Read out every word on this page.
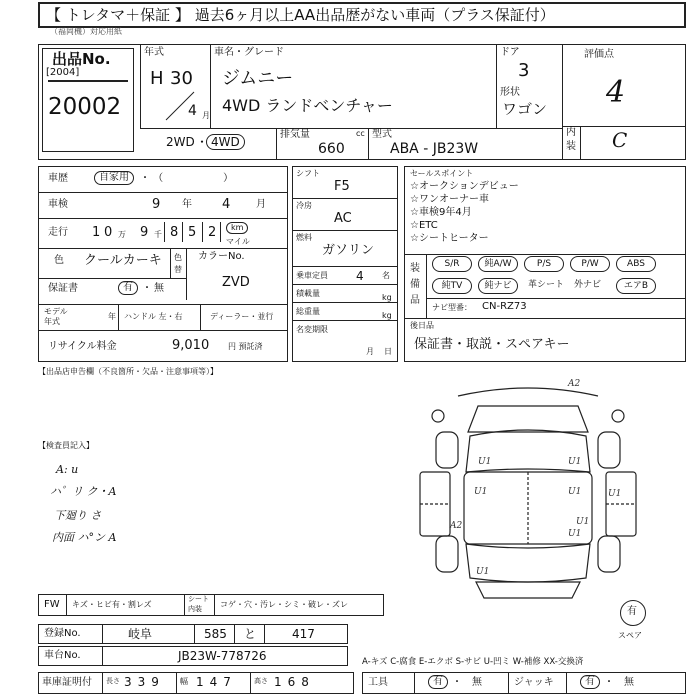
【 トレタマ＋保証 】 過去6ヶ月以上AA出品歴がない車両（プラス保証付）
（福岡機）対応用紙
出品No.
[2004]
20002
年式
H 30
4 月
車名・グレード
ジムニー
4WD ランドベンチャー
ドア
3
形状
ワゴン
評価点
4
内
装 C
2WD ・ 4WD
排気量	cc
660
型式
ABA - JB23W
車歴	自家用	・ （　　　　　　）
車検	9 年 4	月
走行 1 0 万 9 千 8 5 2	km
マイル
色 クールカーキ 色
替
カラーNo.
ZVD
保証書	有 ・ 無
モデル
年式
年 ハンドル 左・右	ディーラー・並行
リサイクル料金	9,010 円 預託済
シフト
F5
冷房
AC
燃料
ガソリン
乗車定員 4 名
積載量	kg
総重量	kg
名変期限
月 日
セールスポイント
☆オークションデビュー
☆ワンオーナー車
☆車検9年4月
☆ETC
☆シートヒーター
装
備
品
S/R	純A/W	P/S	P/W	ABS
純TV	純ナビ	革シート 外ナビ	エアB
ナビ型番： CN-RZ73
後日品
保証書・取説・スペアキー
【出品店申告欄（不良箇所・欠品・注意事項等）】
【検査員記入】
A: u
ハ゜リ ク・A
下廻り さ
内面 ハ°ン A
A2
U1	U1
A2
U1	U1
U1
U1
U1
U1
FW キズ・ヒビ有・割レズ
シート
内装 コゲ・穴・汚レ・シミ・破レ・ズレ
有
スペア
登録No.	岐阜	585 と	417
車台No.	JB23W-778726	A-キズ C-腐食 E-エクボ S-サビ U-凹ミ W-補修 XX-交換済
車庫証明付 長さ 339 幅 147 高さ 168	工具	有 ・ 無	ジャッキ	有 ・ 無
